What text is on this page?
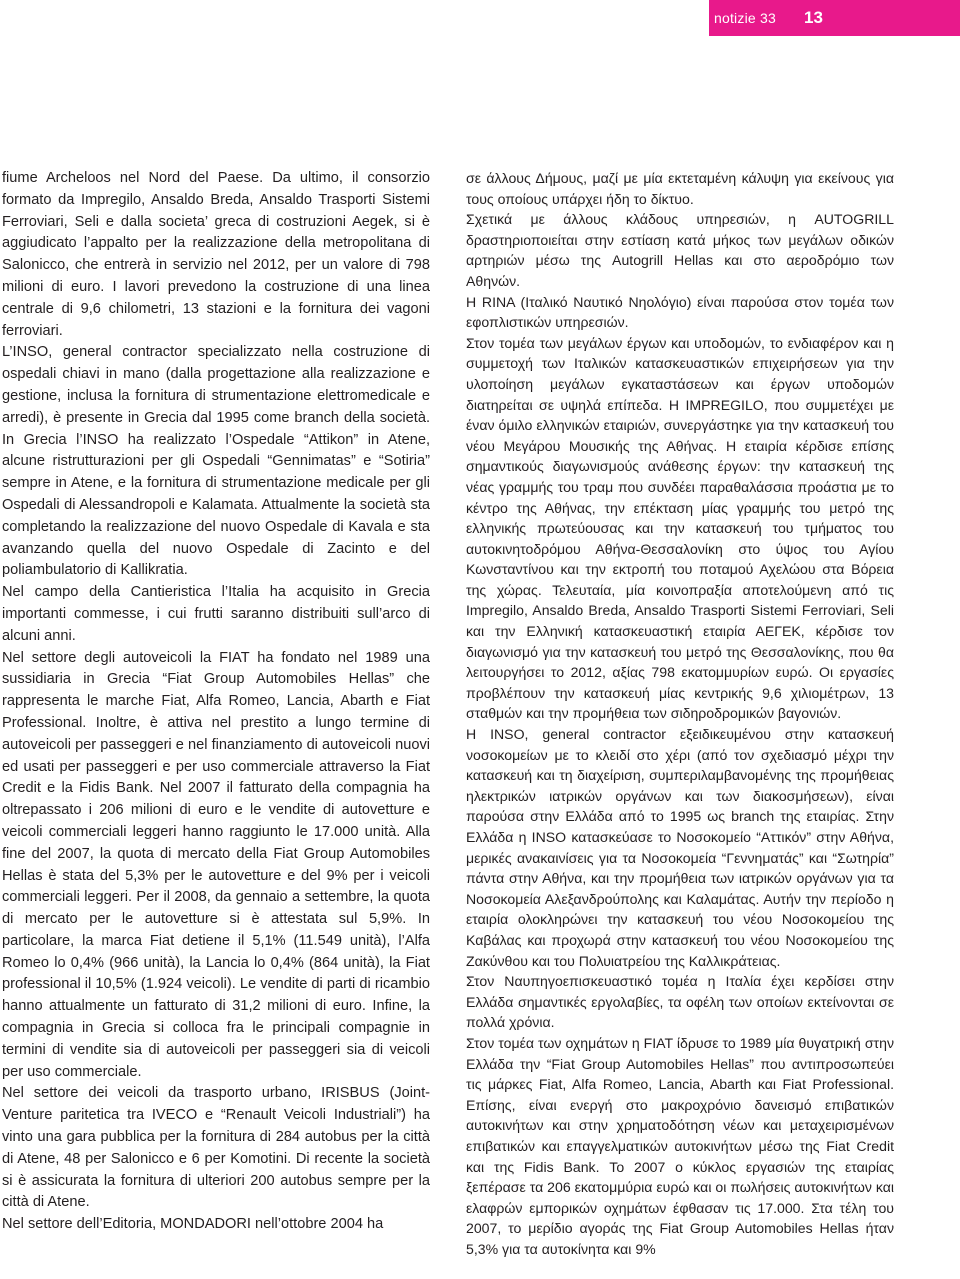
notizie 33 13

fiume Archeloos nel Nord del Paese. Da ultimo, il consorzio formato da Impregilo, Ansaldo Breda, Ansaldo Trasporti Sistemi Ferroviari, Seli e dalla societa’ greca di costruzioni Aegek, si è aggiudicato l’appalto per la realizzazione della metropolitana di Salonicco, che entrerà in servizio nel 2012, per un valore di 798 milioni di euro. I lavori prevedono la costruzione di una linea centrale di 9,6 chilometri, 13 stazioni e la fornitura dei vagoni ferroviari.

L’INSO, general contractor specializzato nella costruzione di ospedali chiavi in mano (dalla progettazione alla realizzazione e gestione, inclusa la fornitura di strumentazione elettromedicale e arredi), è presente in Grecia dal 1995 come branch della società. In Grecia l’INSO ha realizzato l’Ospedale “Attikon” in Atene, alcune ristrutturazioni per gli Ospedali “Gennimatas” e “Sotiria” sempre in Atene, e la fornitura di strumentazione medicale per gli Ospedali di Alessandropoli e Kalamata. Attualmente la società sta completando la realizzazione del nuovo Ospedale di Kavala e sta avanzando quella del nuovo Ospedale di Zacinto e del poliambulatorio di Kallikratia.

Nel campo della Cantieristica l’Italia ha acquisito in Grecia importanti commesse, i cui frutti saranno distribuiti sull’arco di alcuni anni.

Nel settore degli autoveicoli la FIAT ha fondato nel 1989 una sussidiaria in Grecia “Fiat Group Automobiles Hellas” che rappresenta le marche Fiat, Alfa Romeo, Lancia, Abarth e Fiat Professional. Inoltre, è attiva nel prestito a lungo termine di autoveicoli per passeggeri e nel finanziamento di autoveicoli nuovi ed usati per passeggeri e per uso commerciale attraverso la Fiat Credit e la Fidis Bank. Nel 2007 il fatturato della compagnia ha oltrepassato i 206 milioni di euro e le vendite di autovetture e veicoli commerciali leggeri hanno raggiunto le 17.000 unità. Alla fine del 2007, la quota di mercato della Fiat Group Automobiles Hellas è stata del 5,3% per le autovetture e del 9% per i veicoli commerciali leggeri. Per il 2008, da gennaio a settembre, la quota di mercato per le autovetture si è attestata sul 5,9%. In particolare, la marca Fiat detiene il 5,1% (11.549 unità), l’Alfa Romeo lo 0,4% (966 unità), la Lancia lo 0,4% (864 unità), la Fiat professional il 10,5% (1.924 veicoli). Le vendite di parti di ricambio hanno attualmente un fatturato di 31,2 milioni di euro. Infine, la compagnia in Grecia si colloca fra le principali compagnie in termini di vendite sia di autoveicoli per passeggeri sia di veicoli per uso commerciale.

Nel settore dei veicoli da trasporto urbano, IRISBUS (Joint-Venture paritetica tra IVECO e “Renault Veicoli Industriali”) ha vinto una gara pubblica per la fornitura di 284 autobus per la città di Atene, 48 per Salonicco e 6 per Komotini. Di recente la società si è assicurata la fornitura di ulteriori 200 autobus sempre per la città di Atene.

Nel settore dell’Editoria, MONDADORI nell’ottobre 2004 ha

σε άλλους Δήμους, μαζί με μία εκτεταμένη κάλυψη για εκείνους για τους οποίους υπάρχει ήδη το δίκτυο.

Σχετικά με άλλους κλάδους υπηρεσιών, η AUTOGRILL δραστηριοποιείται στην εστίαση κατά μήκος των μεγάλων οδικών αρτηριών μέσω της Autogrill Hellas και στο αεροδρόμιο των Αθηνών.

Η RINA (Ιταλικό Ναυτικό Νηολόγιο) είναι παρούσα στον τομέα των εφοπλιστικών υπηρεσιών.

Στον τομέα των μεγάλων έργων και υποδομών, το ενδιαφέρον και η συμμετοχή των Ιταλικών κατασκευαστικών επιχειρήσεων για την υλοποίηση μεγάλων εγκαταστάσεων και έργων υποδομών διατηρείται σε υψηλά επίπεδα. Η IMPREGILO, που συμμετέχει με έναν όμιλο ελληνικών εταιριών, συνεργάστηκε για την κατασκευή του νέου Μεγάρου Μουσικής της Αθήνας. Η εταιρία κέρδισε επίσης σημαντικούς διαγωνισμούς ανάθεσης έργων: την κατασκευή της νέας γραμμής του τραμ που συνδέει παραθαλάσσια προάστια με το κέντρο της Αθήνας, την επέκταση μίας γραμμής του μετρό της ελληνικής πρωτεύουσας και την κατασκευή του τμήματος του αυτοκινητοδρόμου Αθήνα-Θεσσαλονίκη στο ύψος του Αγίου Κωνσταντίνου και την εκτροπή του ποταμού Αχελώου στα Βόρεια της χώρας. Τελευταία, μία κοινοπραξία αποτελούμενη από τις Impregilo, Ansaldo Breda, Ansaldo Trasporti Sistemi Ferroviari, Seli και την Ελληνική κατασκευαστική εταιρία ΑΕΓΕΚ, κέρδισε τον διαγωνισμό για την κατασκευή του μετρό της Θεσσαλονίκης, που θα λειτουργήσει το 2012, αξίας 798 εκατομμυρίων ευρώ. Οι εργασίες προβλέπουν την κατασκευή μίας κεντρικής 9,6 χιλιομέτρων, 13 σταθμών και την προμήθεια των σιδηροδρομικών βαγονιών.

Η INSO, general contractor εξειδικευμένου στην κατασκευή νοσοκομείων με το κλειδί στο χέρι (από τον σχεδιασμό μέχρι την κατασκευή και τη διαχείριση, συμπεριλαμβανομένης της προμήθειας ηλεκτρικών ιατρικών οργάνων και των διακοσμήσεων), είναι παρούσα στην Ελλάδα από το 1995 ως branch της εταιρίας. Στην Ελλάδα η INSO κατασκεύασε το Νοσοκομείο “Αττικόν” στην Αθήνα, μερικές ανακαινίσεις για τα Νοσοκομεία “Γεννηματάς” και “Σωτηρία” πάντα στην Αθήνα, και την προμήθεια των ιατρικών οργάνων για τα Νοσοκομεία Αλεξανδρούπολης και Καλαμάτας. Αυτήν την περίοδο η εταιρία ολοκληρώνει την κατασκευή του νέου Νοσοκομείου της Καβάλας και προχωρά στην κατασκευή του νέου Νοσοκομείου της Ζακύνθου και του Πολυιατρείου της Καλλικράτειας.

Στον Ναυπηγοεπισκευαστικό τομέα η Ιταλία έχει κερδίσει στην Ελλάδα σημαντικές εργολαβίες, τα οφέλη των οποίων εκτείνονται σε πολλά χρόνια.

Στον τομέα των οχημάτων η FIAT ίδρυσε το 1989 μία θυγατρική στην Ελλάδα την “Fiat Group Automobiles Hellas” που αντιπροσωπεύει τις μάρκες Fiat, Alfa Romeo, Lancia, Abarth και Fiat Professional. Επίσης, είναι ενεργή στο μακροχρόνιο δανεισμό επιβατικών αυτοκινήτων και στην χρηματοδότηση νέων και μεταχειρισμένων επιβατικών και επαγγελματικών αυτοκινήτων μέσω της Fiat Credit και της Fidis Bank. Το 2007 ο κύκλος εργασιών της εταιρίας ξεπέρασε τα 206 εκατομμύρια ευρώ και οι πωλήσεις αυτοκινήτων και ελαφρών εμπορικών οχημάτων έφθασαν τις 17.000. Στα τέλη του 2007, το μερίδιο αγοράς της Fiat Group Automobiles Hellas ήταν 5,3% για τα αυτοκίνητα και 9%
